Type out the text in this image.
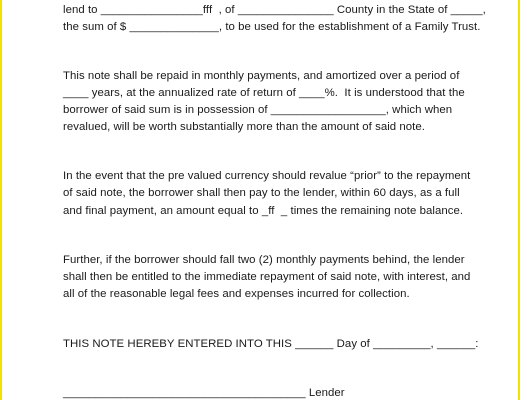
lend to ________________fff  , of _______________ County in the State of _____,
the sum of $ ______________, to be used for the establishment of a Family Trust.
This note shall be repaid in monthly payments, and amortized over a period of
____ years, at the annualized rate of return of ____%.  It is understood that the
borrower of said sum is in possession of __________________, which when
revalued, will be worth substantially more than the amount of said note.
In the event that the pre valued currency should revalue “prior” to the repayment
of said note, the borrower shall then pay to the lender, within 60 days, as a full
and final payment, an amount equal to _ff  _ times the remaining note balance.
Further, if the borrower should fall two (2) monthly payments behind, the lender
shall then be entitled to the immediate repayment of said note, with interest, and
all of the reasonable legal fees and expenses incurred for collection.
THIS NOTE HEREBY ENTERED INTO THIS ______ Day of _________, ______:
______________________________________ Lender
